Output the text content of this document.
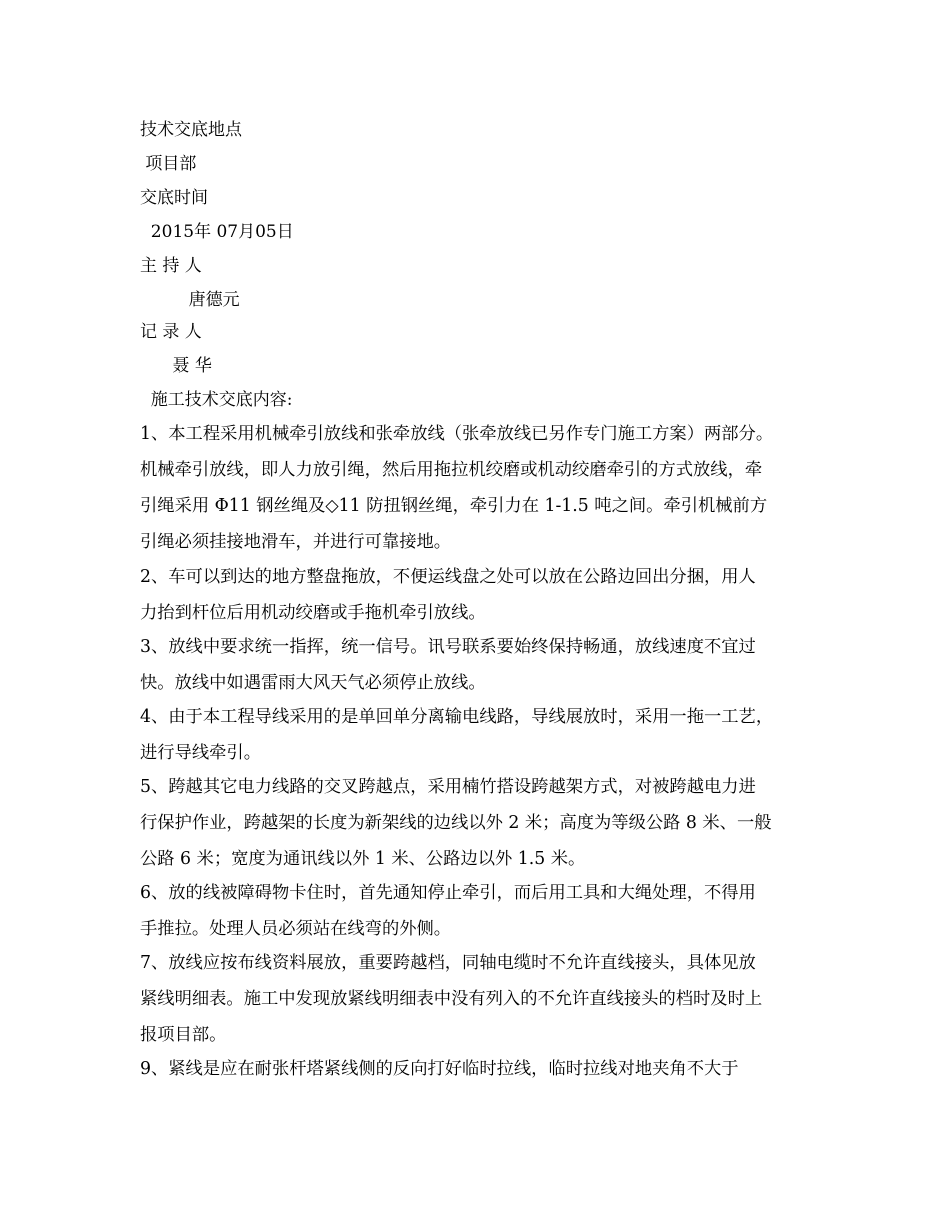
技术交底地点
项目部
交底时间
2015年 07月05日
主 持 人
唐德元
记 录 人
聂 华
施工技术交底内容:
1、本工程采用机械牵引放线和张牵放线（张牵放线已另作专门施工方案）两部分。
机械牵引放线，即人力放引绳，然后用拖拉机绞磨或机动绞磨牵引的方式放线，牵
引绳采用 Φ11 钢丝绳及◇11 防扭钢丝绳，牵引力在 1-1.5 吨之间。牵引机械前方
引绳必须挂接地滑车，并进行可靠接地。
2、车可以到达的地方整盘拖放，不便运线盘之处可以放在公路边回出分捆，用人
力抬到杆位后用机动绞磨或手拖机牵引放线。
3、放线中要求统一指挥，统一信号。讯号联系要始终保持畅通，放线速度不宜过
快。放线中如遇雷雨大风天气必须停止放线。
4、由于本工程导线采用的是单回单分离输电线路，导线展放时，采用一拖一工艺，
进行导线牵引。
5、跨越其它电力线路的交叉跨越点，采用楠竹搭设跨越架方式，对被跨越电力进
行保护作业，跨越架的长度为新架线的边线以外 2 米；高度为等级公路 8 米、一般
公路 6 米；宽度为通讯线以外 1 米、公路边以外 1.5 米。
6、放的线被障碍物卡住时，首先通知停止牵引，而后用工具和大绳处理，不得用
手推拉。处理人员必须站在线弯的外侧。
7、放线应按布线资料展放，重要跨越档，同轴电缆时不允许直线接头，具体见放
紧线明细表。施工中发现放紧线明细表中没有列入的不允许直线接头的档时及时上
报项目部。
9、紧线是应在耐张杆塔紧线侧的反向打好临时拉线，临时拉线对地夹角不大于
